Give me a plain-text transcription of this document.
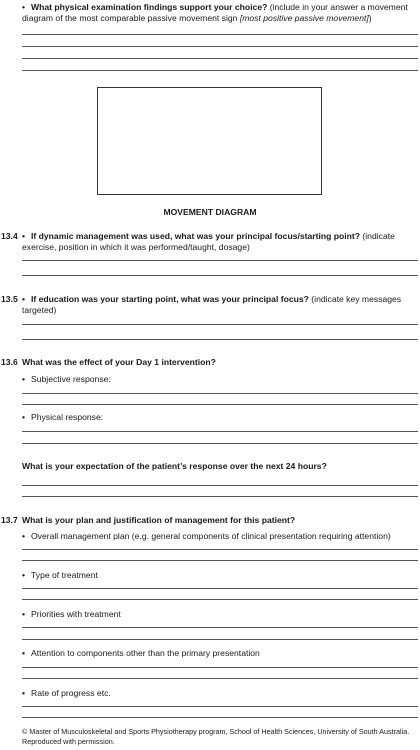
• What physical examination findings support your choice? (include in your answer a movement diagram of the most comparable passive movement sign [most positive passive movement])
MOVEMENT DIAGRAM
13.4 • If dynamic management was used, what was your principal focus/starting point? (indicate exercise, position in which it was performed/taught, dosage)
13.5 • If education was your starting point, what was your principal focus? (indicate key messages targeted)
13.6 What was the effect of your Day 1 intervention?
• Subjective response:
• Physical response:
What is your expectation of the patient’s response over the next 24 hours?
13.7 What is your plan and justification of management for this patient?
• Overall management plan (e.g. general components of clinical presentation requiring attention)
• Type of treatment
• Priorities with treatment
• Attention to components other than the primary presentation
• Rate of progress etc.
© Master of Musculoskeletal and Sports Physiotherapy program, School of Health Sciences, University of South Australia. Reproduced with permission.
